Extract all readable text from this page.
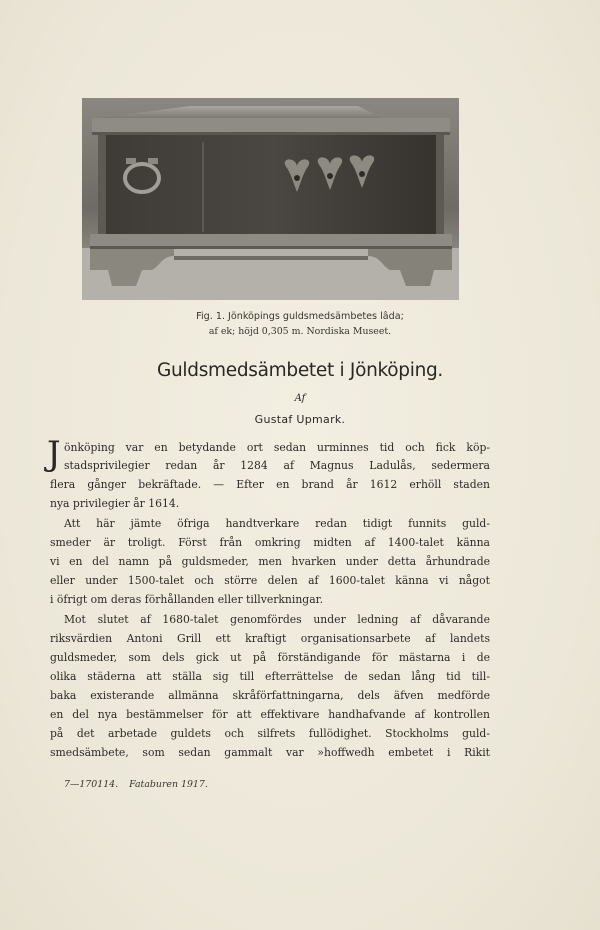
Fig. 1. Jönköpings guldsmedsämbetes lâda;
af ek; höjd 0,305 m. Nordiska Museet.
Guldsmedsämbetet i Jönköping.
Af
Gustaf Upmark.
J önköping var en betydande ort sedan urminnes tid och fick köp-
stadsprivilegier redan år 1284 af Magnus Ladulås, sedermera
flera gånger bekräftade. — Efter en brand år 1612 erhöll staden
nya privilegier år 1614.
Att här jämte öfriga handtverkare redan tidigt funnits guld-
smeder är troligt. Först från omkring midten af 1400-talet känna
vi en del namn på guldsmeder, men hvarken under detta århundrade
eller under 1500-talet och större delen af 1600-talet känna vi något
i öfrigt om deras förhållanden eller tillverkningar.
Mot slutet af 1680-talet genomfördes under ledning af dåvarande
riksvärdien Antoni Grill ett kraftigt organisationsarbete af landets
guldsmeder, som dels gick ut på förständigande för mästarna i de
olika städerna att ställa sig till efterrättelse de sedan lång tid till-
baka existerande allmänna skråförfattningarna, dels äfven medförde
en del nya bestämmelser för att effektivare handhafvande af kontrollen
på det arbetade guldets och silfrets fullödighet. Stockholms guld-
smedsämbete, som sedan gammalt var »hoffwedh embetet i Rikit
7—170114. Fataburen 1917.
